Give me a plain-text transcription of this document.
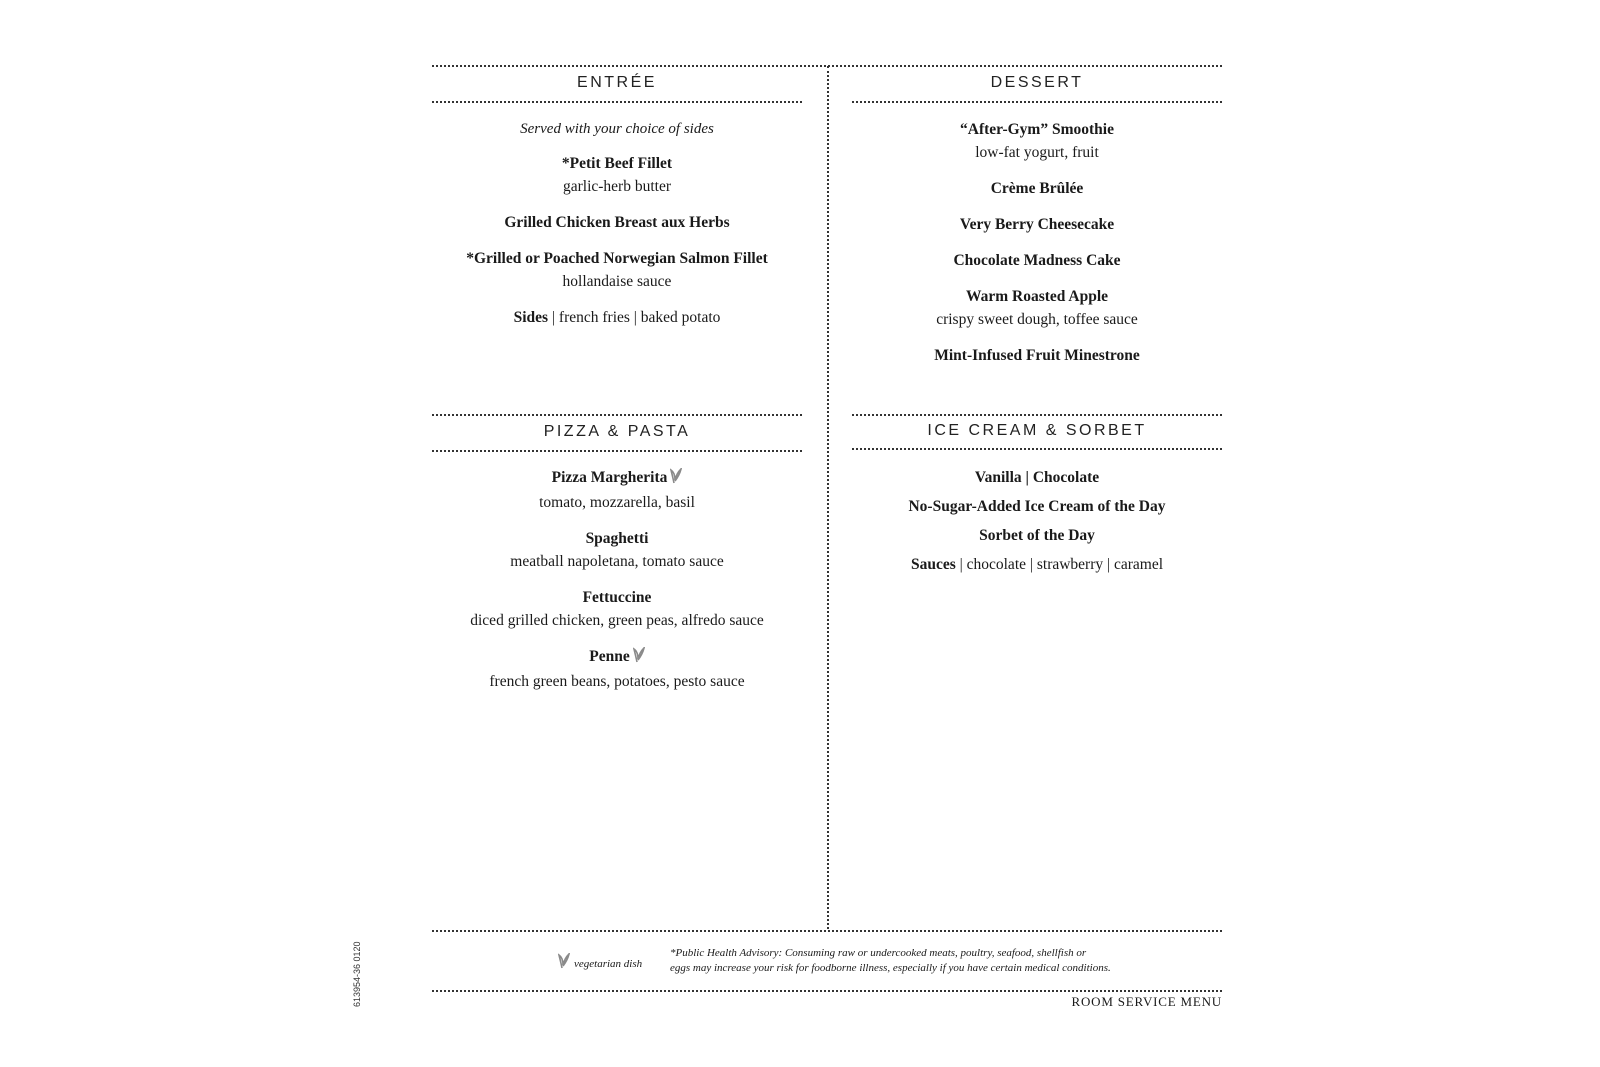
ENTRÉE	DESSERT
PIZZA & PASTA	ICE CREAM & SORBET
Served with your choice of sides
*Petit Beef Fillet
garlic-herb butter
Grilled Chicken Breast aux Herbs
*Grilled or Poached Norwegian Salmon Fillet
hollandaise sauce
Sides | french fries | baked potato
“After-Gym” Smoothie
low-fat yogurt, fruit
Crème Brûlée
Very Berry Cheesecake
Chocolate Madness Cake
Warm Roasted Apple
crispy sweet dough, toffee sauce
Mint-Infused Fruit Minestrone
Pizza Margherita
tomato, mozzarella, basil
Spaghetti
meatball napoletana, tomato sauce
Fettuccine
diced grilled chicken, green peas, alfredo sauce
Penne
french green beans, potatoes, pesto sauce
Vanilla | Chocolate
No-Sugar-Added Ice Cream of the Day
Sorbet of the Day
Sauces | chocolate | strawberry | caramel
vegetarian dish
*Public Health Advisory: Consuming raw or undercooked meats, poultry, seafood, shellfish or
eggs may increase your risk for foodborne illness, especially if you have certain medical conditions.
ROOM SERVICE MENU
613954-36 0120
